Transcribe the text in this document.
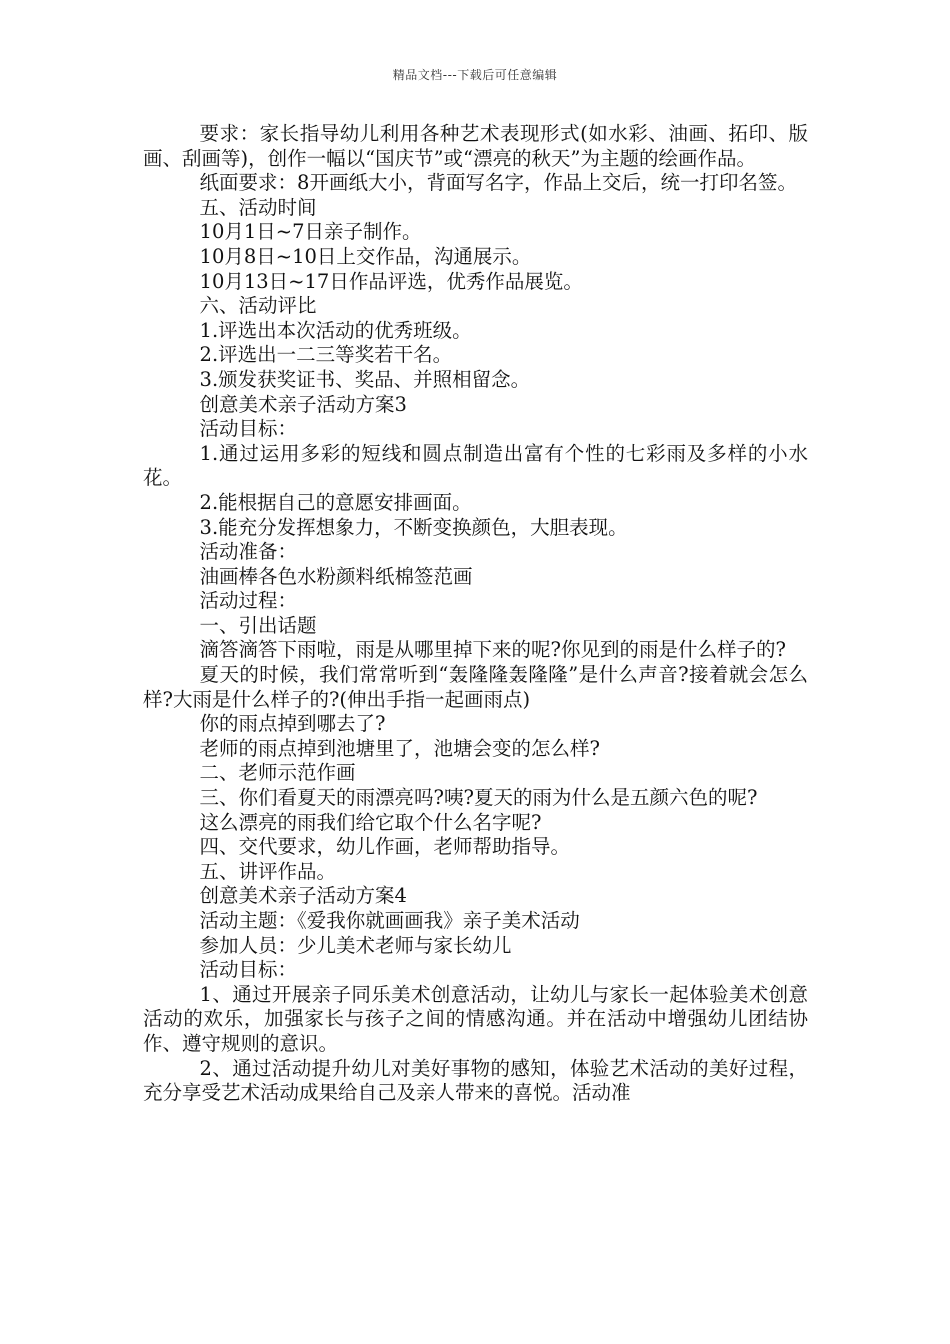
精品文档---下载后可任意编辑

要求：家长指导幼儿利用各种艺术表现形式(如水彩、油画、拓印、版画、刮画等)，创作一幅以“国庆节”或“漂亮的秋天”为主题的绘画作品。

纸面要求：8开画纸大小，背面写名字，作品上交后，统一打印名签。

五、活动时间

10月1日~7日亲子制作。

10月8日~10日上交作品，沟通展示。

10月13日~17日作品评选，优秀作品展览。

六、活动评比

1.评选出本次活动的优秀班级。

2.评选出一二三等奖若干名。

3.颁发获奖证书、奖品、并照相留念。

创意美术亲子活动方案3

活动目标：

1.通过运用多彩的短线和圆点制造出富有个性的七彩雨及多样的小水花。

2.能根据自己的意愿安排画面。

3.能充分发挥想象力，不断变换颜色，大胆表现。

活动准备：

油画棒各色水粉颜料纸棉签范画

活动过程：

一、引出话题

滴答滴答下雨啦，雨是从哪里掉下来的呢?你见到的雨是什么样子的?

夏天的时候，我们常常听到“轰隆隆轰隆隆”是什么声音?接着就会怎么样?大雨是什么样子的?(伸出手指一起画雨点)

你的雨点掉到哪去了?

老师的雨点掉到池塘里了，池塘会变的怎么样?

二、老师示范作画

三、你们看夏天的雨漂亮吗?咦?夏天的雨为什么是五颜六色的呢?

这么漂亮的雨我们给它取个什么名字呢?

四、交代要求，幼儿作画，老师帮助指导。

五、讲评作品。

创意美术亲子活动方案4

活动主题：《爱我你就画画我》亲子美术活动

参加人员：少儿美术老师与家长幼儿

活动目标：

1、通过开展亲子同乐美术创意活动，让幼儿与家长一起体验美术创意活动的欢乐，加强家长与孩子之间的情感沟通。并在活动中增强幼儿团结协作、遵守规则的意识。

2、通过活动提升幼儿对美好事物的感知，体验艺术活动的美好过程，充分享受艺术活动成果给自己及亲人带来的喜悦。活动准
